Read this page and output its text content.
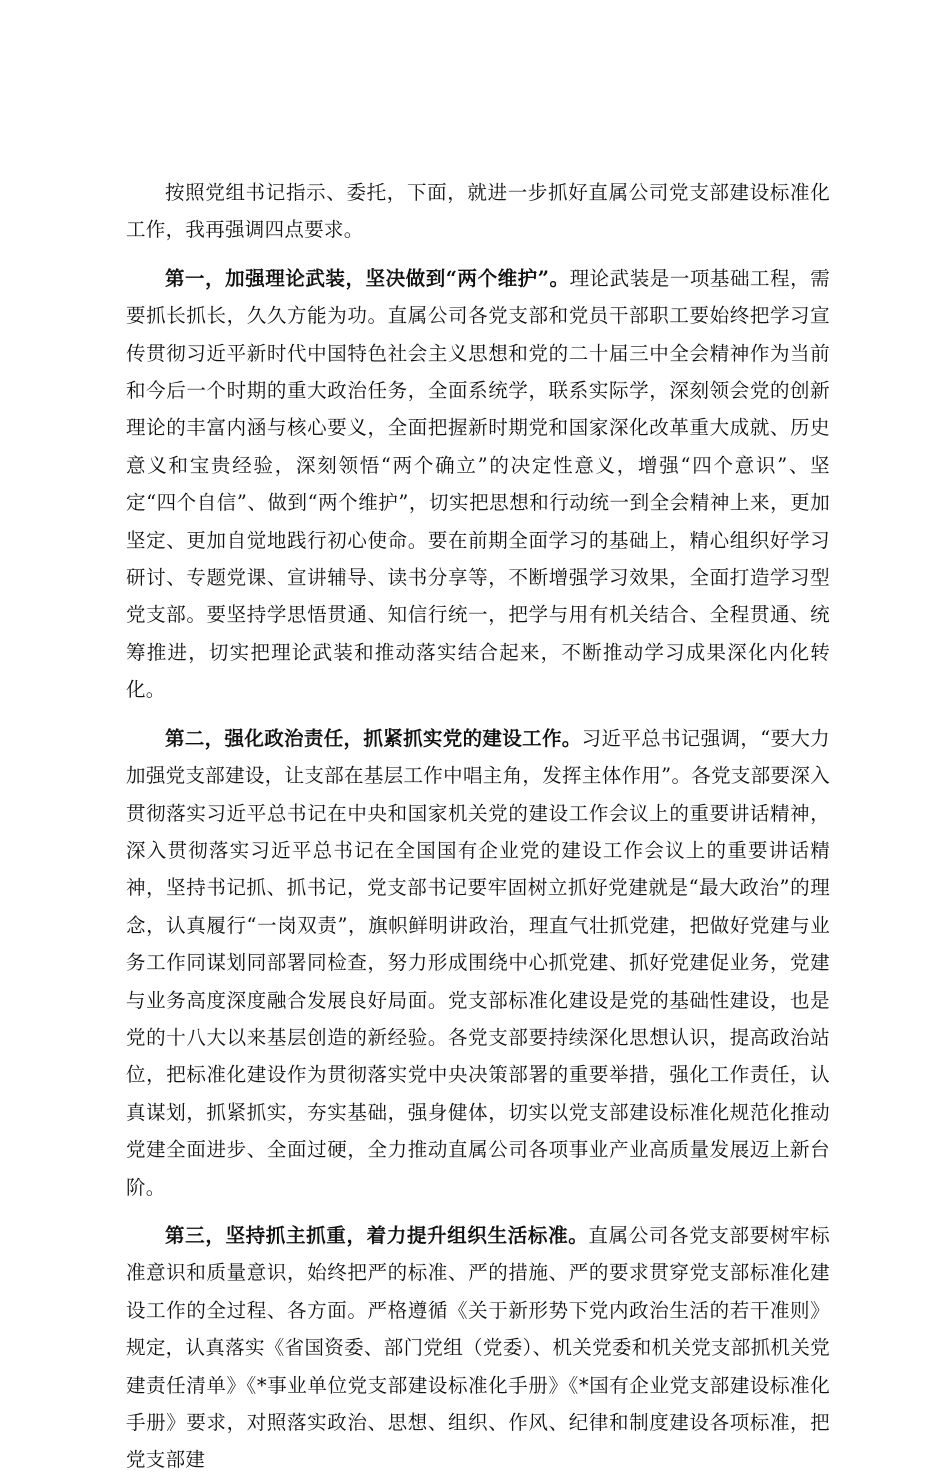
按照党组书记指示、委托，下面，就进一步抓好直属公司党支部建设标准化工作，我再强调四点要求。

第一，加强理论武装，坚决做到“两个维护”。理论武装是一项基础工程，需要抓长抓长，久久方能为功。直属公司各党支部和党员干部职工要始终把学习宣传贯彻习近平新时代中国特色社会主义思想和党的二十届三中全会精神作为当前和今后一个时期的重大政治任务，全面系统学，联系实际学，深刻领会党的创新理论的丰富内涵与核心要义，全面把握新时期党和国家深化改革重大成就、历史意义和宝贵经验，深刻领悟“两个确立”的决定性意义，增强“四个意识”、坚定“四个自信”、做到“两个维护”，切实把思想和行动统一到全会精神上来，更加坚定、更加自觉地践行初心使命。要在前期全面学习的基础上，精心组织好学习研讨、专题党课、宣讲辅导、读书分享等，不断增强学习效果，全面打造学习型党支部。要坚持学思悟贯通、知信行统一，把学与用有机关结合、全程贯通、统筹推进，切实把理论武装和推动落实结合起来，不断推动学习成果深化内化转化。

第二，强化政治责任，抓紧抓实党的建设工作。习近平总书记强调，“要大力加强党支部建设，让支部在基层工作中唱主角，发挥主体作用”。各党支部要深入贯彻落实习近平总书记在中央和国家机关党的建设工作会议上的重要讲话精神，深入贯彻落实习近平总书记在全国国有企业党的建设工作会议上的重要讲话精神，坚持书记抓、抓书记，党支部书记要牢固树立抓好党建就是“最大政治”的理念，认真履行“一岗双责”，旗帜鲜明讲政治，理直气壮抓党建，把做好党建与业务工作同谋划同部署同检查，努力形成围绕中心抓党建、抓好党建促业务，党建与业务高度深度融合发展良好局面。党支部标准化建设是党的基础性建设，也是党的十八大以来基层创造的新经验。各党支部要持续深化思想认识，提高政治站位，把标准化建设作为贯彻落实党中央决策部署的重要举措，强化工作责任，认真谋划，抓紧抓实，夯实基础，强身健体，切实以党支部建设标准化规范化推动党建全面进步、全面过硬，全力推动直属公司各项事业产业高质量发展迈上新台阶。

第三，坚持抓主抓重，着力提升组织生活标准。直属公司各党支部要树牢标准意识和质量意识，始终把严的标准、严的措施、严的要求贯穿党支部标准化建设工作的全过程、各方面。严格遵循《关于新形势下党内政治生活的若干准则》规定，认真落实《省国资委、部门党组（党委）、机关党委和机关党支部抓机关党建责任清单》《*事业单位党支部建设标准化手册》《*国有企业党支部建设标准化手册》要求，对照落实政治、思想、组织、作风、纪律和制度建设各项标准，把党支部建
